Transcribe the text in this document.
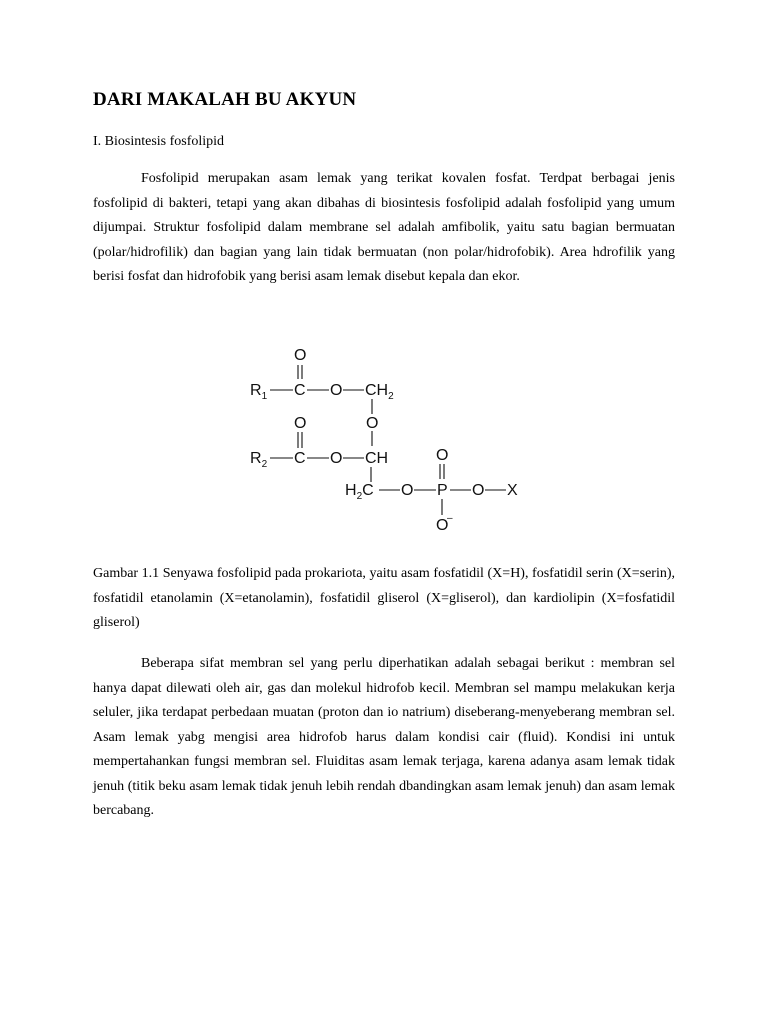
DARI MAKALAH BU AKYUN

I. Biosintesis fosfolipid

Fosfolipid merupakan asam lemak yang terikat kovalen fosfat. Terdpat berbagai jenis fosfolipid di bakteri, tetapi yang akan dibahas di biosintesis fosfolipid adalah fosfolipid yang umum dijumpai. Struktur fosfolipid dalam membrane sel adalah amfibolik, yaitu satu bagian bermuatan (polar/hidrofilik) dan bagian yang lain tidak bermuatan (non polar/hidrofobik). Area hdrofilik yang berisi fosfat dan hidrofobik yang berisi asam lemak disebut kepala dan ekor.

O
$R_1$ C O $CH_2$
O
O
$R_2$ C O CH
$H_2C$ O P O X
O
O
–

Gambar 1.1 Senyawa fosfolipid pada prokariota, yaitu asam fosfatidil (X=H), fosfatidil serin (X=serin), fosfatidil etanolamin (X=etanolamin), fosfatidil gliserol (X=gliserol), dan kardiolipin (X=fosfatidil gliserol)

Beberapa sifat membran sel yang perlu diperhatikan adalah sebagai berikut : membran sel hanya dapat dilewati oleh air, gas dan molekul hidrofob kecil. Membran sel mampu melakukan kerja seluler, jika terdapat perbedaan muatan (proton dan io natrium) diseberang-menyeberang membran sel. Asam lemak yabg mengisi area hidrofob harus dalam kondisi cair (fluid). Kondisi ini untuk mempertahankan fungsi membran sel. Fluiditas asam lemak terjaga, karena adanya asam lemak tidak jenuh (titik beku asam lemak tidak jenuh lebih rendah dbandingkan asam lemak jenuh) dan asam lemak bercabang.
